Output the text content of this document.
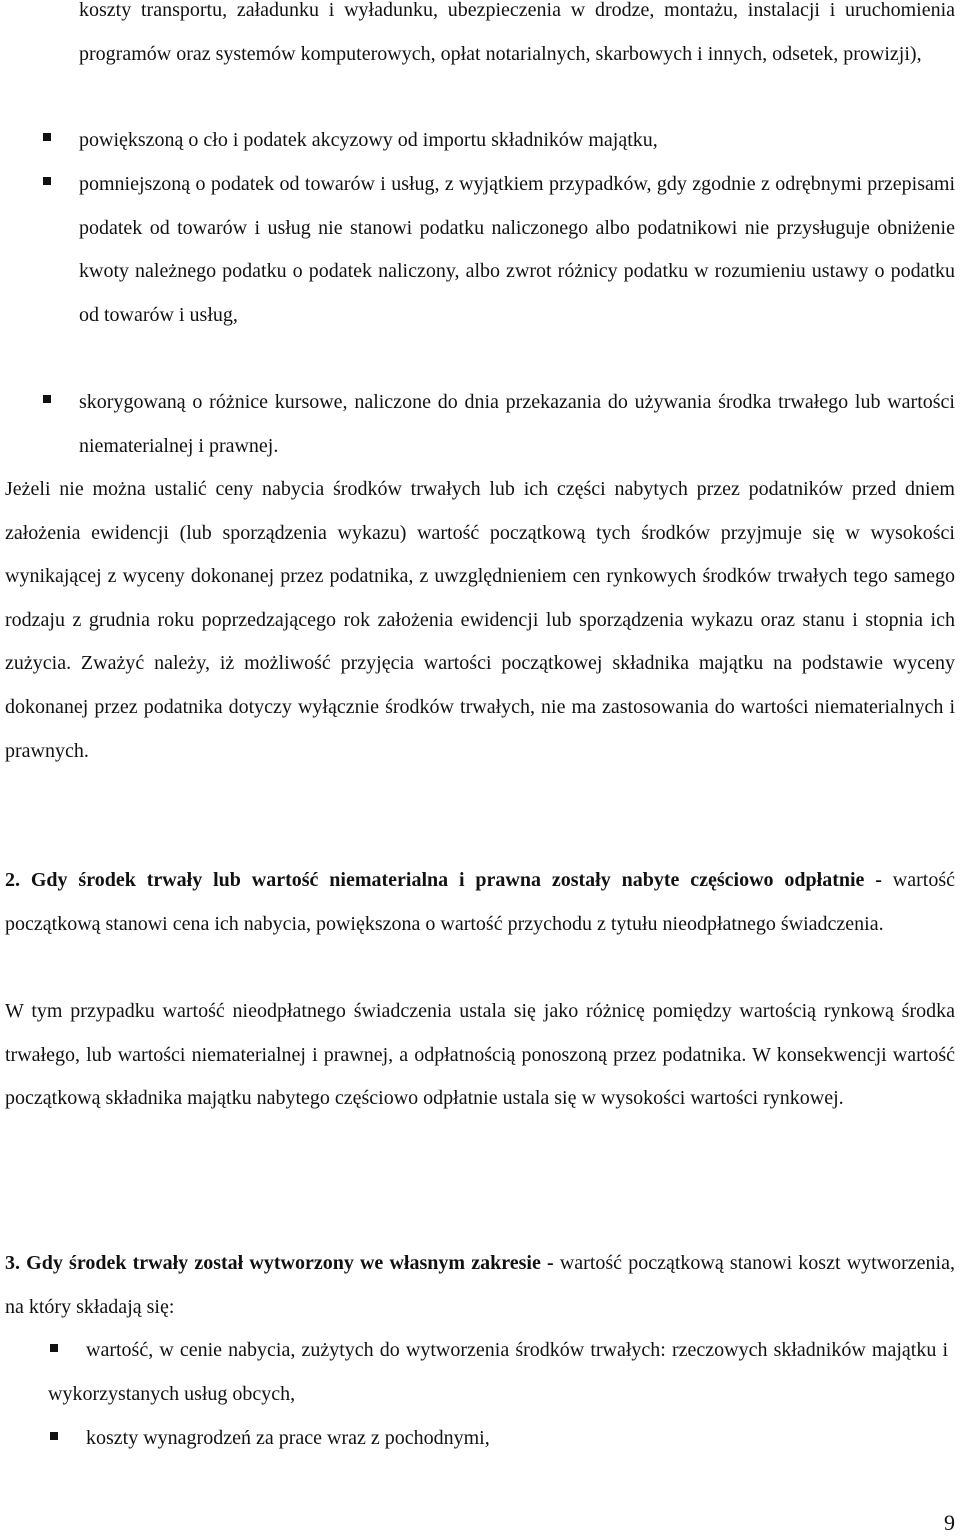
koszty transportu, załadunku i wyładunku, ubezpieczenia w drodze, montażu, instalacji i uruchomienia programów oraz systemów komputerowych, opłat notarialnych, skarbowych i innych, odsetek, prowizji),

powiększoną o cło i podatek akcyzowy od importu składników majątku,

pomniejszoną o podatek od towarów i usług, z wyjątkiem przypadków, gdy zgodnie z odrębnymi przepisami podatek od towarów i usług nie stanowi podatku naliczonego albo podatnikowi nie przysługuje obniżenie kwoty należnego podatku o podatek naliczony, albo zwrot różnicy podatku w rozumieniu ustawy o podatku od towarów i usług,

skorygowaną o różnice kursowe, naliczone do dnia przekazania do używania środka trwałego lub wartości niematerialnej i prawnej.

Jeżeli nie można ustalić ceny nabycia środków trwałych lub ich części nabytych przez podatników przed dniem założenia ewidencji (lub sporządzenia wykazu) wartość początkową tych środków przyjmuje się w wysokości wynikającej z wyceny dokonanej przez podatnika, z uwzględnieniem cen rynkowych środków trwałych tego samego rodzaju z grudnia roku poprzedzającego rok założenia ewidencji lub sporządzenia wykazu oraz stanu i stopnia ich zużycia. Zważyć należy, iż możliwość przyjęcia wartości początkowej składnika majątku na podstawie wyceny dokonanej przez podatnika dotyczy wyłącznie środków trwałych, nie ma zastosowania do wartości niematerialnych i prawnych.

2. Gdy środek trwały lub wartość niematerialna i prawna zostały nabyte częściowo odpłatnie - wartość początkową stanowi cena ich nabycia, powiększona o wartość przychodu z tytułu nieodpłatnego świadczenia.

W tym przypadku wartość nieodpłatnego świadczenia ustala się jako różnicę pomiędzy wartością rynkową środka trwałego, lub wartości niematerialnej i prawnej, a odpłatnością ponoszoną przez podatnika. W konsekwencji wartość początkową składnika majątku nabytego częściowo odpłatnie ustala się w wysokości wartości rynkowej.

3. Gdy środek trwały został wytworzony we własnym zakresie - wartość początkową stanowi koszt wytworzenia, na który składają się:

wartość, w cenie nabycia, zużytych do wytworzenia środków trwałych: rzeczowych składników majątku i wykorzystanych usług obcych,

koszty wynagrodzeń za prace wraz z pochodnymi,

9
